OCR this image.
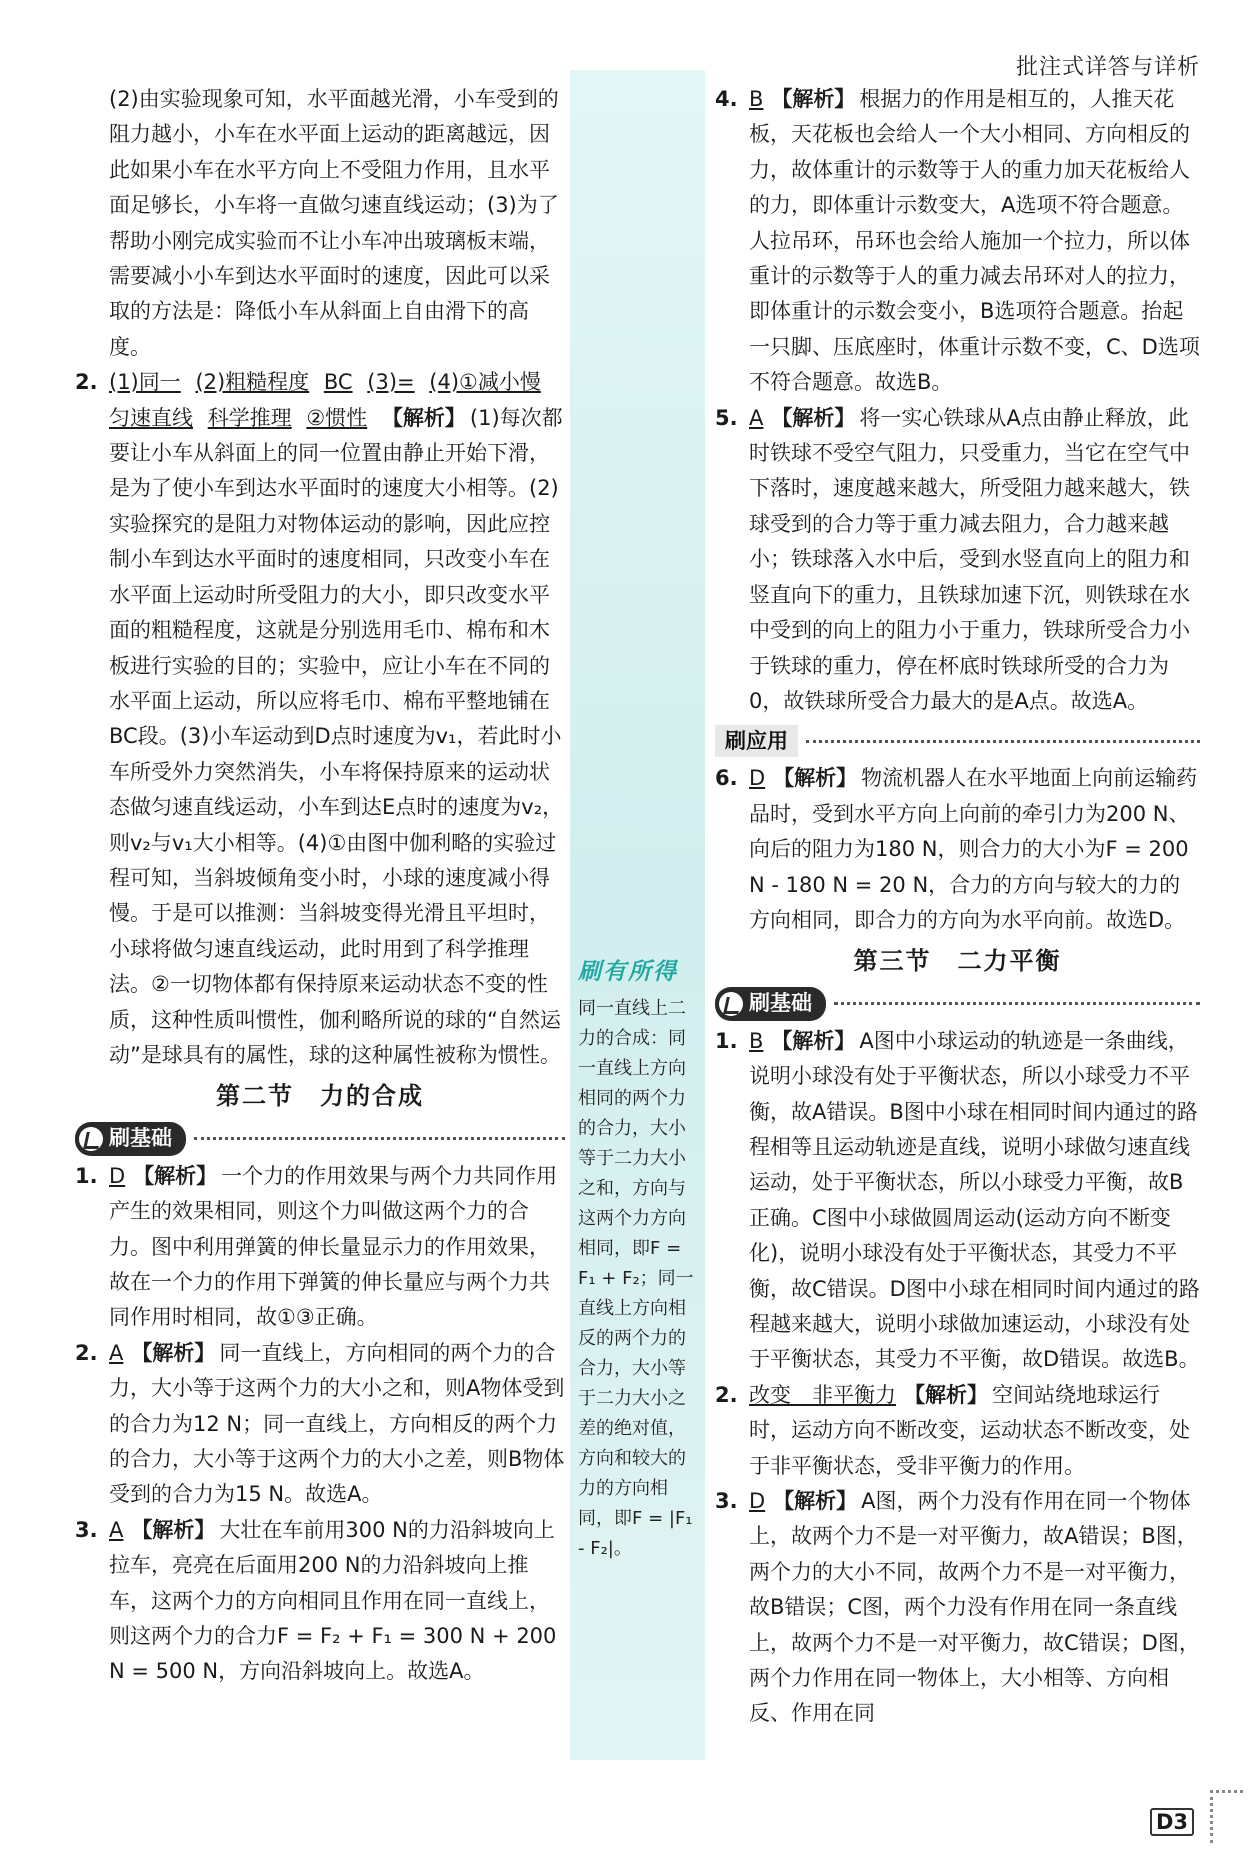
批注式详答与详析
(2)由实验现象可知，水平面越光滑，小车受到的阻力越小，小车在水平面上运动的距离越远，因此如果小车在水平方向上不受阻力作用，且水平面足够长，小车将一直做匀速直线运动；(3)为了帮助小刚完成实验而不让小车冲出玻璃板末端，需要减小小车到达水平面时的速度，因此可以采取的方法是：降低小车从斜面上自由滑下的高度。
2. (1)同一 (2)粗糙程度 BC (3)= (4)①减小慢 匀速直线 科学推理 ②惯性 【解析】 (1)每次都要让小车从斜面上的同一位置由静止开始下滑，是为了使小车到达水平面时的速度大小相等。(2)实验探究的是阻力对物体运动的影响，因此应控制小车到达水平面时的速度相同，只改变小车在水平面上运动时所受阻力的大小，即只改变水平面的粗糙程度，这就是分别选用毛巾、棉布和木板进行实验的目的；实验中，应让小车在不同的水平面上运动，所以应将毛巾、棉布平整地铺在BC段。(3)小车运动到D点时速度为v₁，若此时小车所受外力突然消失，小车将保持原来的运动状态做匀速直线运动，小车到达E点时的速度为v₂，则v₂与v₁大小相等。(4)①由图中伽利略的实验过程可知，当斜坡倾角变小时，小球的速度减小得慢。于是可以推测：当斜坡变得光滑且平坦时，小球将做匀速直线运动，此时用到了科学推理法。②一切物体都有保持原来运动状态不变的性质，这种性质叫惯性，伽利略所说的球的“自然运动”是球具有的属性，球的这种属性被称为惯性。
第二节　力的合成
刷基础
1. D 【解析】 一个力的作用效果与两个力共同作用产生的效果相同，则这个力叫做这两个力的合力。图中利用弹簧的伸长量显示力的作用效果，故在一个力的作用下弹簧的伸长量应与两个力共同作用时相同，故①③正确。
2. A 【解析】 同一直线上，方向相同的两个力的合力，大小等于这两个力的大小之和，则A物体受到的合力为12 N；同一直线上，方向相反的两个力的合力，大小等于这两个力的大小之差，则B物体受到的合力为15 N。故选A。
3. A 【解析】 大壮在车前用300 N的力沿斜坡向上拉车，亮亮在后面用200 N的力沿斜坡向上推车，这两个力的方向相同且作用在同一直线上，则这两个力的合力F = F₂ + F₁ = 300 N + 200 N = 500 N，方向沿斜坡向上。故选A。
刷有所得
同一直线上二力的合成：同一直线上方向相同的两个力的合力，大小等于二力大小之和，方向与这两个力方向相同，即F = F₁ + F₂；同一直线上方向相反的两个力的合力，大小等于二力大小之差的绝对值，方向和较大的力的方向相同，即F = |F₁ - F₂|。
4. B 【解析】 根据力的作用是相互的，人推天花板，天花板也会给人一个大小相同、方向相反的力，故体重计的示数等于人的重力加天花板给人的力，即体重计示数变大，A选项不符合题意。人拉吊环，吊环也会给人施加一个拉力，所以体重计的示数等于人的重力减去吊环对人的拉力，即体重计的示数会变小，B选项符合题意。抬起一只脚、压底座时，体重计示数不变，C、D选项不符合题意。故选B。
5. A 【解析】 将一实心铁球从A点由静止释放，此时铁球不受空气阻力，只受重力，当它在空气中下落时，速度越来越大，所受阻力越来越大，铁球受到的合力等于重力减去阻力，合力越来越小；铁球落入水中后，受到水竖直向上的阻力和竖直向下的重力，且铁球加速下沉，则铁球在水中受到的向上的阻力小于重力，铁球所受合力小于铁球的重力，停在杯底时铁球所受的合力为0，故铁球所受合力最大的是A点。故选A。
刷应用
6. D 【解析】 物流机器人在水平地面上向前运输药品时，受到水平方向上向前的牵引力为200 N、向后的阻力为180 N，则合力的大小为F = 200 N - 180 N = 20 N，合力的方向与较大的力的方向相同，即合力的方向为水平向前。故选D。
第三节　二力平衡
刷基础
1. B 【解析】 A图中小球运动的轨迹是一条曲线，说明小球没有处于平衡状态，所以小球受力不平衡，故A错误。B图中小球在相同时间内通过的路程相等且运动轨迹是直线，说明小球做匀速直线运动，处于平衡状态，所以小球受力平衡，故B正确。C图中小球做圆周运动(运动方向不断变化)，说明小球没有处于平衡状态，其受力不平衡，故C错误。D图中小球在相同时间内通过的路程越来越大，说明小球做加速运动，小球没有处于平衡状态，其受力不平衡，故D错误。故选B。
2. 改变　非平衡力 【解析】 空间站绕地球运行时，运动方向不断改变，运动状态不断改变，处于非平衡状态，受非平衡力的作用。
3. D 【解析】 A图，两个力没有作用在同一个物体上，故两个力不是一对平衡力，故A错误；B图，两个力的大小不同，故两个力不是一对平衡力，故B错误；C图，两个力没有作用在同一条直线上，故两个力不是一对平衡力，故C错误；D图，两个力作用在同一物体上，大小相等、方向相反、作用在同
D3
